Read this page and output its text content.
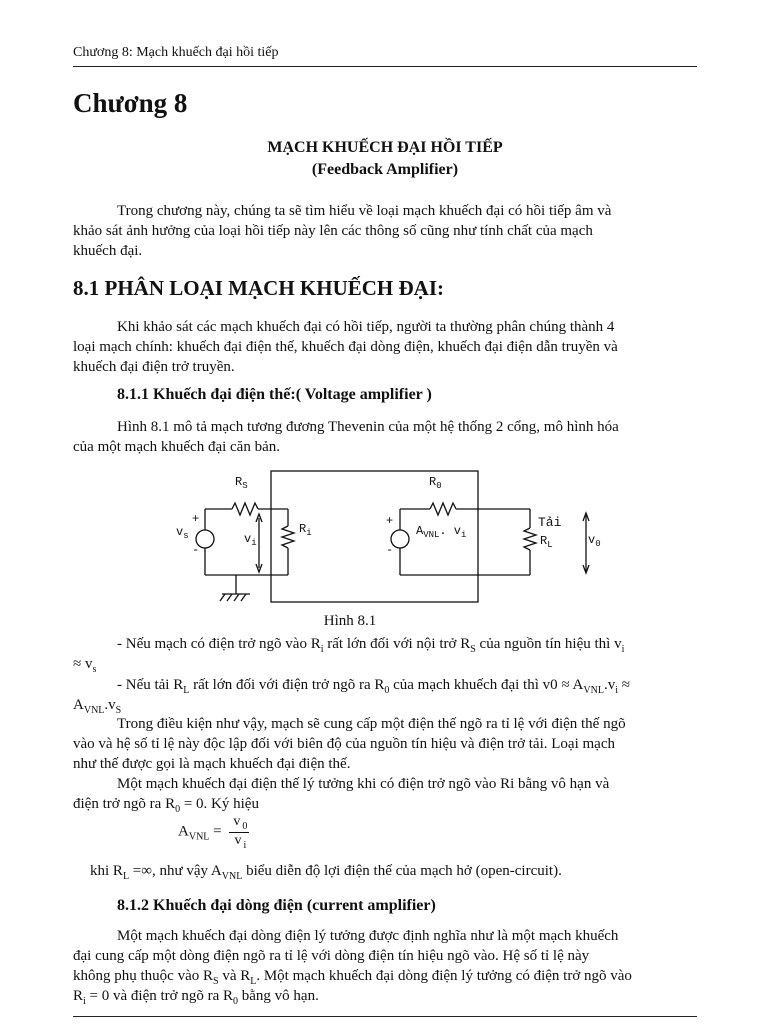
Chương 8: Mạch khuếch đại hồi tiếp
Chương 8
MẠCH KHUẾCH ĐẠI HỒI TIẾP
(Feedback Amplifier)
Trong chương này, chúng ta sẽ tìm hiểu về loại mạch khuếch đại có hồi tiếp âm và
khảo sát ảnh hưởng của loại hồi tiếp này lên các thông số cũng như tính chất của mạch
khuếch đại.
8.1 PHÂN LOẠI MẠCH KHUẾCH ĐẠI:
Khi khảo sát các mạch khuếch đại có hồi tiếp, người ta thường phân chúng thành 4
loại mạch chính: khuếch đại điện thế, khuếch đại dòng điện, khuếch đại điện dẫn truyền và
khuếch đại điện trở truyền.
8.1.1 Khuếch đại điện thế:( Voltage amplifier )
Hình 8.1 mô tả mạch tương đương Thevenin của một hệ thống 2 cổng, mô hình hóa
của một mạch khuếch đại căn bản.
$R_S$
+
$v_s$
-
$v_i$
$R_i$
$R_0$
+
-
$A_{VNL}$. $v_i$
Tải
$R_L$	$v_0$
Hình 8.1
- Nếu mạch có điện trở ngõ vào $R_i$ rất lớn đối với nội trở $R_S$ của nguồn tín hiệu thì $v_i$
≈ $v_s$
- Nếu tải $R_L$ rất lớn đối với điện trở ngõ ra $R_0$ của mạch khuếch đại thì $v0 \approx A_{VNL}.v_i$ ≈
$A_{VNL}.v_S$
Trong điều kiện như vậy, mạch sẽ cung cấp một điện thế ngõ ra tỉ lệ với điện thế ngõ
vào và hệ số tỉ lệ này độc lập đối với biên độ của nguồn tín hiệu và điện trở tải. Loại mạch
như thế được gọi là mạch khuếch đại điện thế.
Một mạch khuếch đại điện thế lý tưởng khi có điện trở ngõ vào Ri bằng vô hạn và
điện trở ngõ ra $R_0 = 0$. Ký hiệu
$A_{VNL} = \frac{v _0}{v _i}$
khi $R_L$ =∞, như vậy $A_{VNL}$ biểu diễn độ lợi điện thế của mạch hở (open-circuit).
8.1.2 Khuếch đại dòng điện (current amplifier)
Một mạch khuếch đại dòng điện lý tưởng được định nghĩa như là một mạch khuếch
đại cung cấp một dòng điện ngõ ra tỉ lệ với dòng điện tín hiệu ngõ vào. Hệ số tỉ lệ này
không phụ thuộc vào $R_S$ và $R_L$. Một mạch khuếch đại dòng điện lý tưởng có điện trở ngõ vào
$R_i = 0$ và điện trở ngõ ra $R_0$ bằng vô hạn.
